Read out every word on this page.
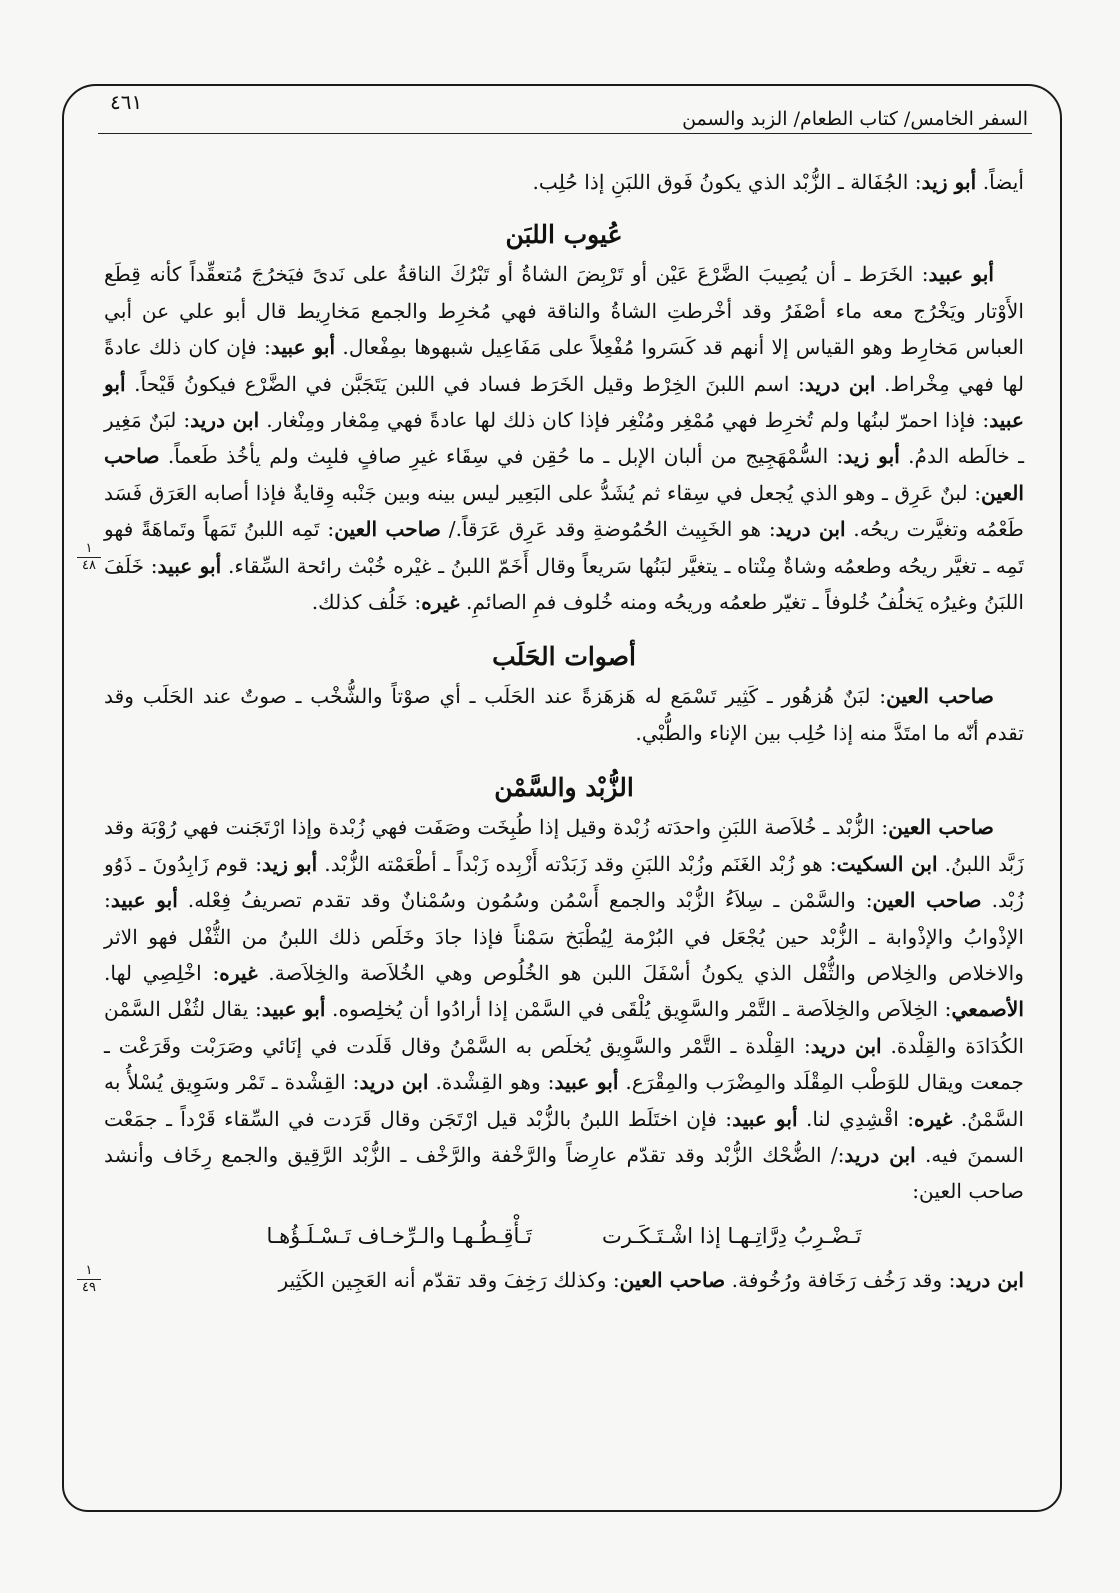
٤٦١
السفر الخامس/ كتاب الطعام/ الزبد والسمن
١
٤٨
١
٤٩

أيضاً. أبو زيد: الجُفَالة ـ الزُّبْد الذي يكونُ فَوق اللبَنِ إذا حُلِب.

عُيوب اللبَن

أبو عبيد: الخَرَط ـ أن يُصِيبَ الضَّرْعَ عَيْن أو تَرْبِضَ الشاةُ أو تَبْرُكَ الناقةُ على نَدىً فيَخرُجَ مُتعقِّداً كأنه قِطَع الأَوْتار ويَخْرُج معه ماء أصْفَرُ وقد أخْرطتِ الشاةُ والناقة فهي مُخرِط والجمع مَخارِيط قال أبو علي عن أبي العباس مَخارِط وهو القياس إلا أنهم قد كَسَروا مُفْعِلاً على مَفَاعِيل شبهوها بمِفْعال. أبو عبيد: فإن كان ذلك عادةً لها فهي مِخْراط. ابن دريد: اسم اللبنَ الخِرْط وقيل الخَرَط فساد في اللبن يَتَجَبَّن في الضَّرْع فيكونُ قَيْحاً. أبو عبيد: فإذا احمرّ لبنُها ولم تُخرِط فهي مُمْغِر ومُنْغِر فإذا كان ذلك لها عادةً فهي مِمْغار ومِنْغار. ابن دريد: لبَنٌ مَغِير ـ خالَطه الدمُ. أبو زيد: السُّمْهَجِيج من ألبان الإبل ـ ما حُقِن في سِقَاء غيرِ صافٍ فلبِث ولم يأخُذ طَعماً. صاحب العين: لبنٌ عَرِق ـ وهو الذي يُجعل في سِقاء ثم يُشَدُّ على البَعِير ليس بينه وبين جَنْبه وِقايةٌ فإذا أصابه العَرَق فَسَد طَعْمُه وتغيَّرت ريحُه. ابن دريد: هو الخَبِيث الحُمُوضةِ وقد عَرِق عَرَقاً./ صاحب العين: تَمِه اللبنُ تَمَهاً وتَماهَةً فهو تَمِه ـ تغيَّر ريحُه وطعمُه وشاةٌ مِنْتاه ـ يتغيَّر لبَنُها سَريعاً وقال أَخَمّ اللبنُ ـ غيْره خُبْث رائحة السِّقاء. أبو عبيد: خَلَفَ اللبَنُ وغيرُه يَخلُفُ خُلوفاً ـ تغيّر طعمُه وريحُه ومنه خُلوف فمِ الصائمِ. غيره: خَلُف كذلك.

أصوات الحَلَب

صاحب العين: لبَنٌ هُزهُور ـ كَثِير تَسْمَع له هَزهَزةً عند الحَلَب ـ أي صوْتاً والشُّخْب ـ صوتٌ عند الحَلَب وقد تقدم أنّه ما امتَدَّ منه إذا حُلِب بين الإناء والطُّبْي.

الزُّبْد والسَّمْن

صاحب العين: الزُّبْد ـ خُلاَصة اللبَنِ واحدَته زُبْدة وقيل إذا طُبِخَت وصَفَت فهي زُبْدة وإذا ارْتَجَنت فهي رُوْبَة وقد زَبَّد اللبنُ. ابن السكيت: هو زُبْد الغَنَم وزُبْد اللبَنِ وقد زَبَدْته أَزْبِده زَبْداً ـ أطْعَمْته الزُّبْد. أبو زيد: قوم زَابِدُونَ ـ ذَوُو زُبْد. صاحب العين: والسَّمْن ـ سِلاَءُ الزُّبْد والجمع أَسْمُن وسُمُون وسُمْنانٌ وقد تقدم تصريفُ فِعْله. أبو عبيد: الإذْوابُ والإذْوابة ـ الزُّبْد حين يُجْعَل في البُرْمة لِيُطْبَخ سَمْناً فإذا جادَ وخَلَص ذلك اللبنُ من الثُّفْل فهو الاثر والاخلاص والخِلاص والثُّفْل الذي يكونُ أسْفَلَ اللبن هو الخُلُوص وهي الخُلاَصة والخِلاَصة. غيره: اخْلِصِي لها. الأصمعي: الخِلاَص والخِلاَصة ـ التَّمْر والسَّوِيق يُلْقَى في السَّمْن إذا أرادُوا أن يُخلِصوه. أبو عبيد: يقال لثُفْل السَّمْن الكُدَادَة والقِلْدة. ابن دريد: القِلْدة ـ التَّمْر والسَّوِيق يُخلَص به السَّمْنُ وقال قَلَدت في إنَائي وصَرَبْت وقَرَعْت ـ جمعت ويقال للوَطْب المِقْلَد والمِضْرَب والمِقْرَع. أبو عبيد: وهو القِشْدة. ابن دريد: القِشْدة ـ تَمْر وسَوِيق يُسْلأُ به السَّمْنُ. غيره: اقْشِدِي لنا. أبو عبيد: فإن اختَلَط اللبنُ بالزُّبْد قيل ارْتَجَن وقال قَرَدت في السِّقاء قَرْداً ـ جمَعْت السمنَ فيه. ابن دريد:/ الضُّحْك الزُّبْد وقد تقدّم عارِضاً والرَّخْفة والرَّخْف ـ الزُّبْد الرَّقِيق والجمع رِخَاف وأنشد صاحب العين:

تَـضْـرِبُ دِرَّاتِـهـا إذا اشْـتَـكَـرت
تَـأْقِـطُـهـا والـرِّخـاف تَـسْـلَـؤُهـا

ابن دريد: وقد رَخُف رَخَافة ورُخُوفة. صاحب العين: وكذلك رَخِفَ وقد تقدّم أنه العَجِين الكَثِير
